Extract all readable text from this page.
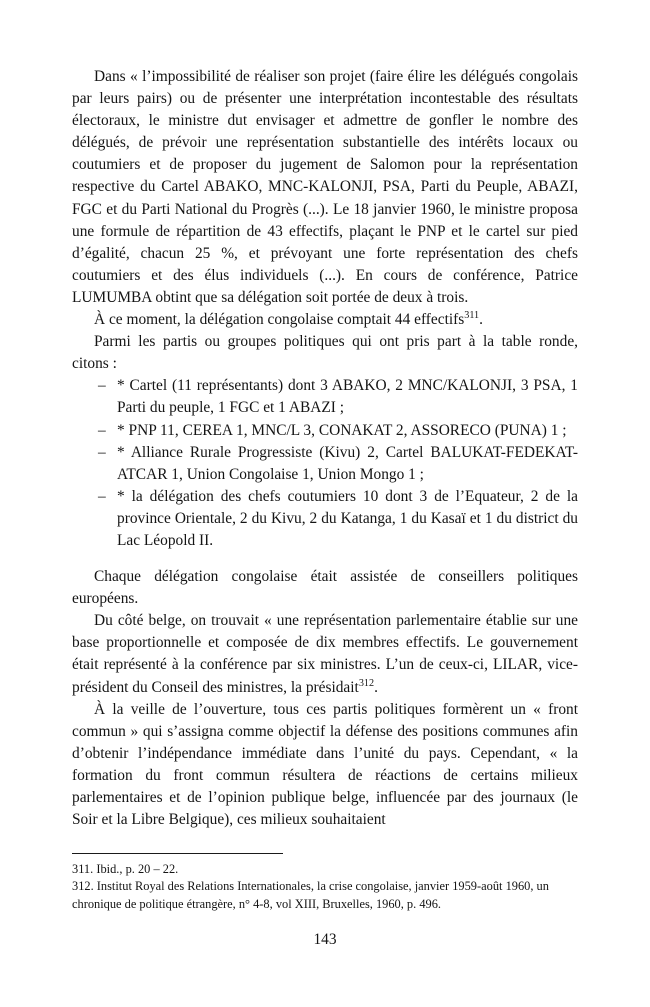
Dans « l’impossibilité de réaliser son projet (faire élire les délégués congolais par leurs pairs) ou de présenter une interprétation incontestable des résultats électoraux, le ministre dut envisager et admettre de gonfler le nombre des délégués, de prévoir une représentation substantielle des intérêts locaux ou coutumiers et de proposer du jugement de Salomon pour la représentation respective du Cartel ABAKO, MNC-KALONJI, PSA, Parti du Peuple, ABAZI, FGC et du Parti National du Progrès (...). Le 18 janvier 1960, le ministre proposa une formule de répartition de 43 effectifs, plaçant le PNP et le cartel sur pied d’égalité, chacun 25 %, et prévoyant une forte représentation des chefs coutumiers et des élus individuels (...). En cours de conférence, Patrice LUMUMBA obtint que sa délégation soit portée de deux à trois.

À ce moment, la délégation congolaise comptait 44 effectifs$^{311}$.

Parmi les partis ou groupes politiques qui ont pris part à la table ronde, citons :

– * Cartel (11 représentants) dont 3 ABAKO, 2 MNC/KALONJI, 3 PSA, 1 Parti du peuple, 1 FGC et 1 ABAZI ;
– * PNP 11, CEREA 1, MNC/L 3, CONAKAT 2, ASSORECO (PUNA) 1 ;
– * Alliance Rurale Progressiste (Kivu) 2, Cartel BALUKAT-FEDEKAT-ATCAR 1, Union Congolaise 1, Union Mongo 1 ;
– * la délégation des chefs coutumiers 10 dont 3 de l’Equateur, 2 de la province Orientale, 2 du Kivu, 2 du Katanga, 1 du Kasaï et 1 du district du Lac Léopold II.

Chaque délégation congolaise était assistée de conseillers politiques européens.

Du côté belge, on trouvait « une représentation parlementaire établie sur une base proportionnelle et composée de dix membres effectifs. Le gouvernement était représenté à la conférence par six ministres. L’un de ceux-ci, LILAR, vice-président du Conseil des ministres, la présidait$^{312}$.

À la veille de l’ouverture, tous ces partis politiques formèrent un « front commun » qui s’assigna comme objectif la défense des positions communes afin d’obtenir l’indépendance immédiate dans l’unité du pays. Cependant, « la formation du front commun résultera de réactions de certains milieux parlementaires et de l’opinion publique belge, influencée par des journaux (le Soir et la Libre Belgique), ces milieux souhaitaient

311. Ibid., p. 20 – 22.

312. Institut Royal des Relations Internationales, la crise congolaise, janvier 1959-août 1960, un chronique de politique étrangère, n° 4-8, vol XIII, Bruxelles, 1960, p. 496.

143
